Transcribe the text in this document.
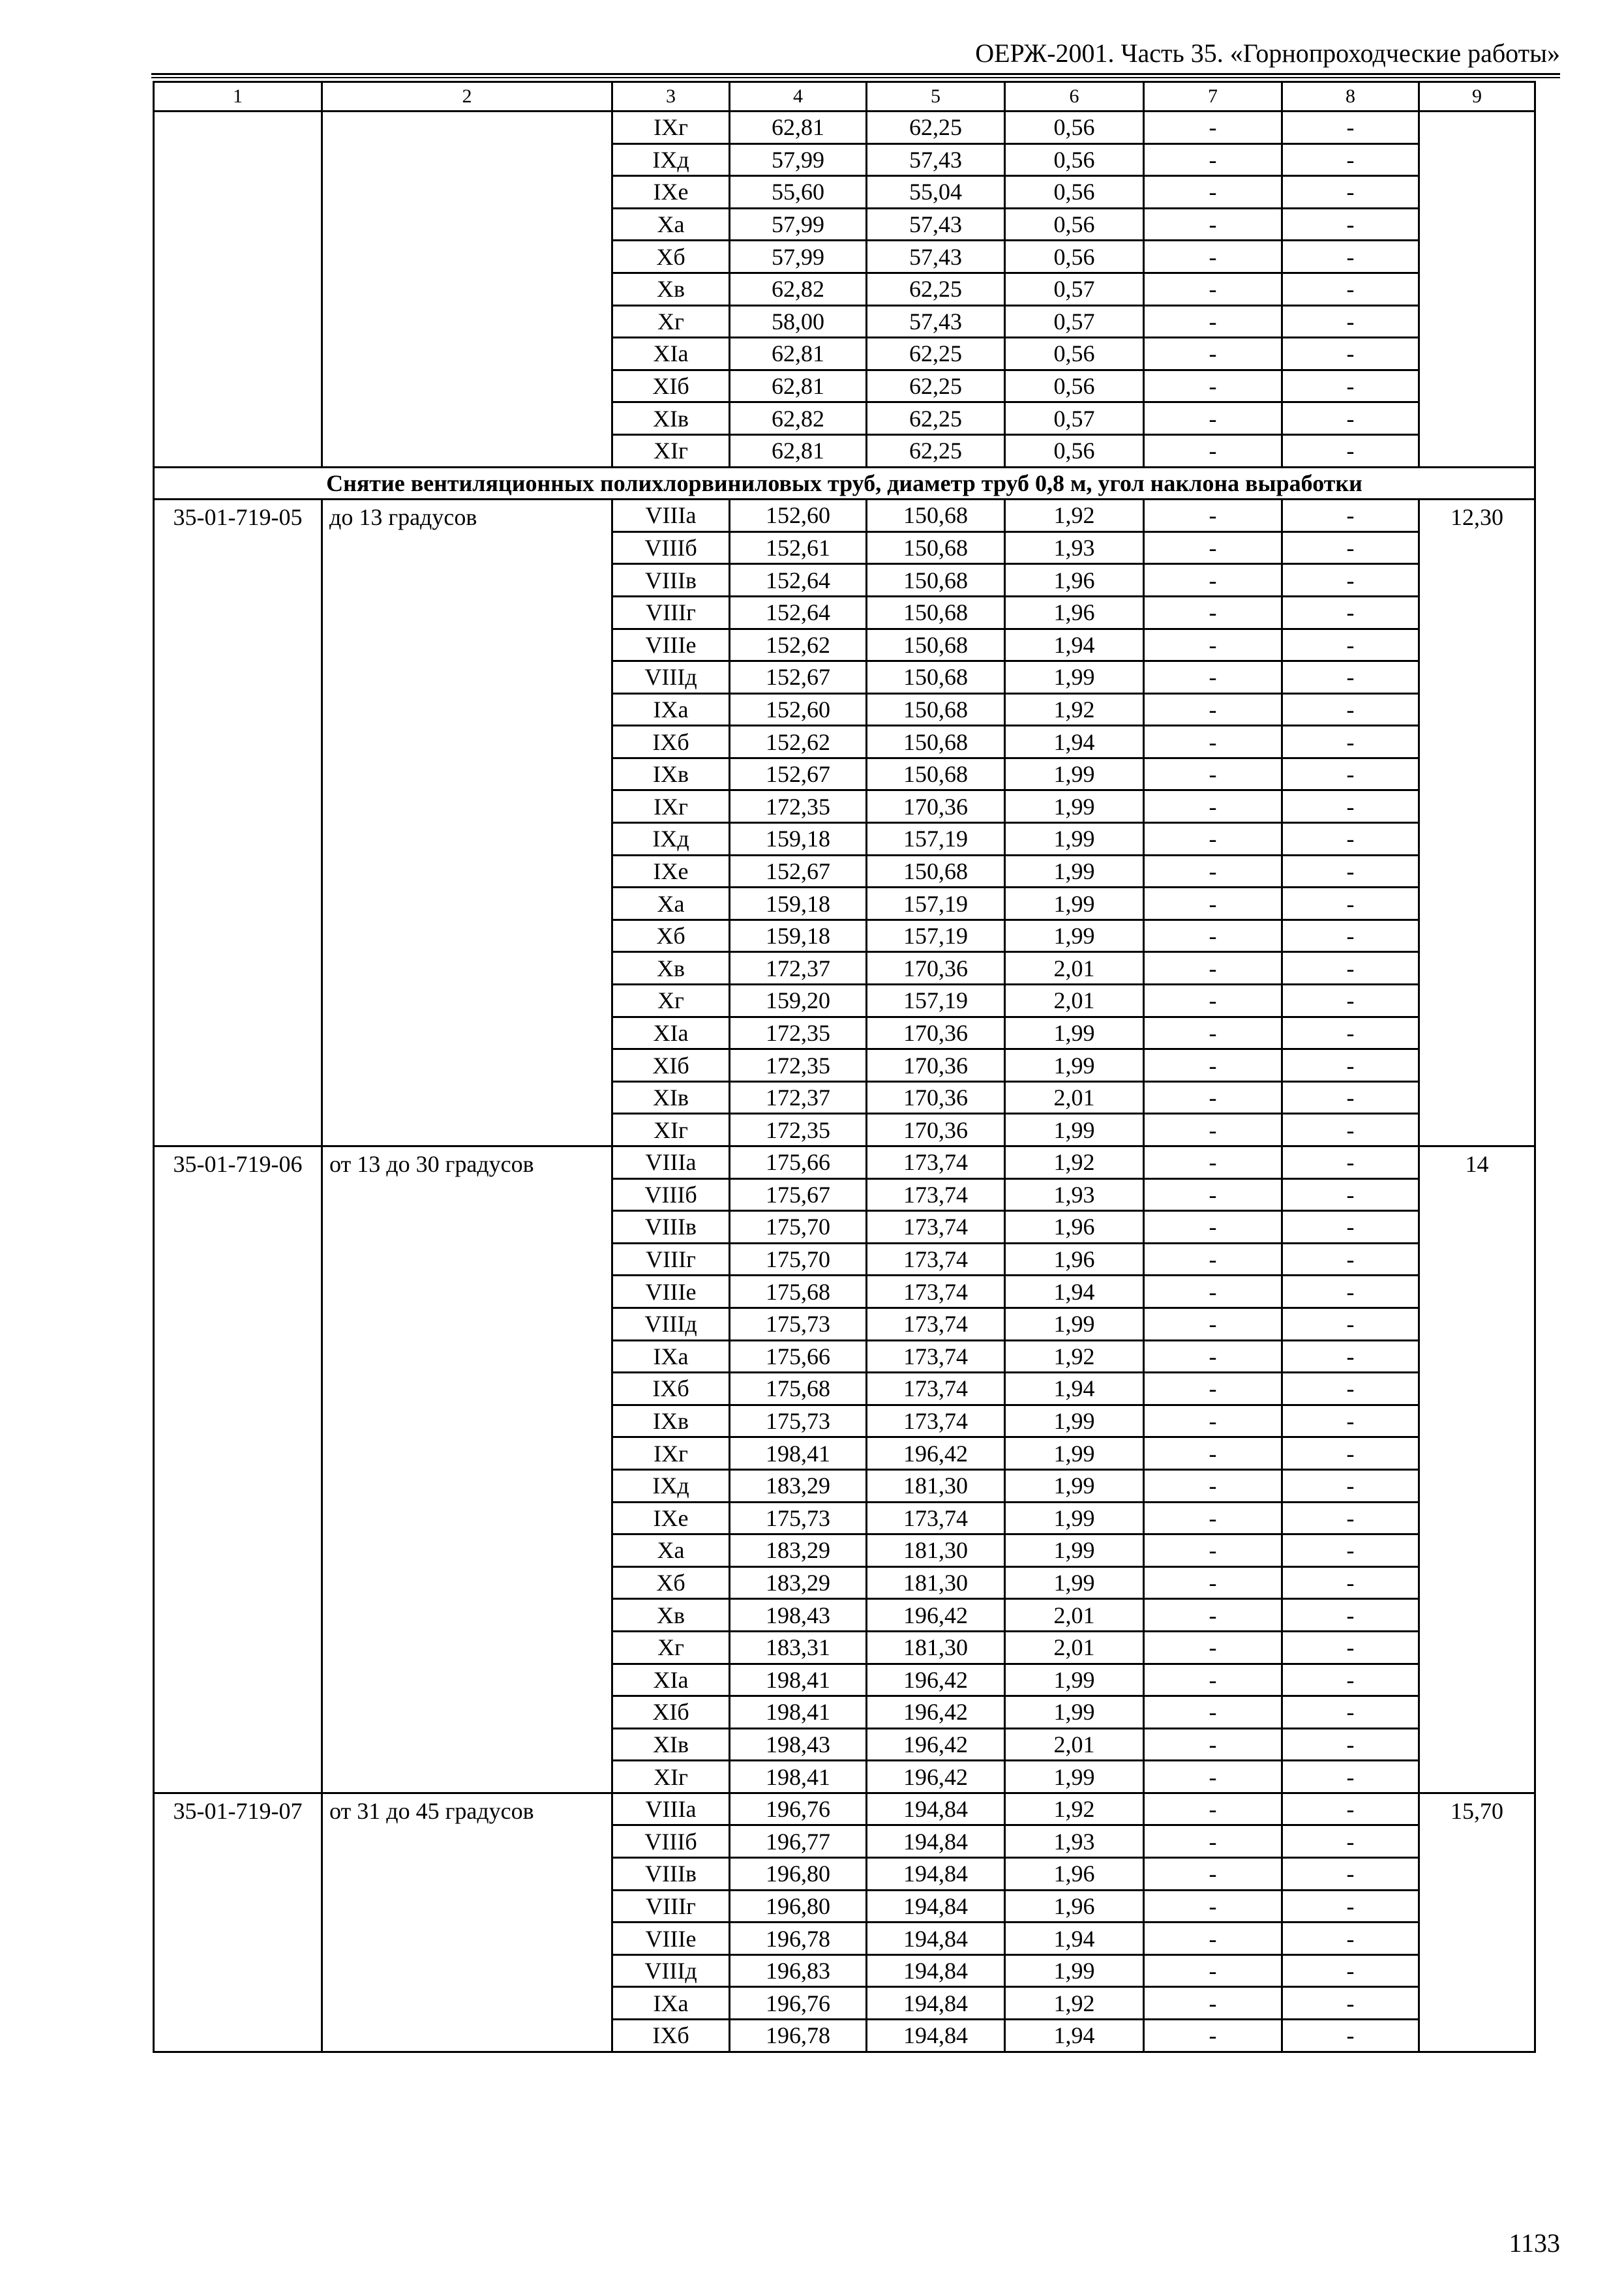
ОЕРЖ-2001. Часть 35. «Горнопроходческие работы»
1	2	3	4	5	6	7	8	9
		IXг	62,81	62,25	0,56	-	-	
		IXд	57,99	57,43	0,56	-	-	
		IXе	55,60	55,04	0,56	-	-	
		Xа	57,99	57,43	0,56	-	-	
		Xб	57,99	57,43	0,56	-	-	
		Xв	62,82	62,25	0,57	-	-	
		Xг	58,00	57,43	0,57	-	-	
		XIа	62,81	62,25	0,56	-	-	
		XIб	62,81	62,25	0,56	-	-	
		XIв	62,82	62,25	0,57	-	-	
		XIг	62,81	62,25	0,56	-	-	
Снятие вентиляционных полихлорвиниловых труб, диаметр труб 0,8 м, угол наклона выработки								
35-01-719-05	до 13 градусов	VIIIа	152,60	150,68	1,92	-	-	12,30
		VIIIб	152,61	150,68	1,93	-	-	
		VIIIв	152,64	150,68	1,96	-	-	
		VIIIг	152,64	150,68	1,96	-	-	
		VIIIе	152,62	150,68	1,94	-	-	
		VIIIд	152,67	150,68	1,99	-	-	
		IXа	152,60	150,68	1,92	-	-	
		IXб	152,62	150,68	1,94	-	-	
		IXв	152,67	150,68	1,99	-	-	
		IXг	172,35	170,36	1,99	-	-	
		IXд	159,18	157,19	1,99	-	-	
		IXе	152,67	150,68	1,99	-	-	
		Xа	159,18	157,19	1,99	-	-	
		Xб	159,18	157,19	1,99	-	-	
		Xв	172,37	170,36	2,01	-	-	
		Xг	159,20	157,19	2,01	-	-	
		XIа	172,35	170,36	1,99	-	-	
		XIб	172,35	170,36	1,99	-	-	
		XIв	172,37	170,36	2,01	-	-	
		XIг	172,35	170,36	1,99	-	-	
35-01-719-06	от 13 до 30 градусов	VIIIа	175,66	173,74	1,92	-	-	14
		VIIIб	175,67	173,74	1,93	-	-	
		VIIIв	175,70	173,74	1,96	-	-	
		VIIIг	175,70	173,74	1,96	-	-	
		VIIIе	175,68	173,74	1,94	-	-	
		VIIIд	175,73	173,74	1,99	-	-	
		IXа	175,66	173,74	1,92	-	-	
		IXб	175,68	173,74	1,94	-	-	
		IXв	175,73	173,74	1,99	-	-	
		IXг	198,41	196,42	1,99	-	-	
		IXд	183,29	181,30	1,99	-	-	
		IXе	175,73	173,74	1,99	-	-	
		Xа	183,29	181,30	1,99	-	-	
		Xб	183,29	181,30	1,99	-	-	
		Xв	198,43	196,42	2,01	-	-	
		Xг	183,31	181,30	2,01	-	-	
		XIа	198,41	196,42	1,99	-	-	
		XIб	198,41	196,42	1,99	-	-	
		XIв	198,43	196,42	2,01	-	-	
		XIг	198,41	196,42	1,99	-	-	
35-01-719-07	от 31 до 45 градусов	VIIIа	196,76	194,84	1,92	-	-	15,70
		VIIIб	196,77	194,84	1,93	-	-	
		VIIIв	196,80	194,84	1,96	-	-	
		VIIIг	196,80	194,84	1,96	-	-	
		VIIIе	196,78	194,84	1,94	-	-	
		VIIIд	196,83	194,84	1,99	-	-	
		IXа	196,76	194,84	1,92	-	-	
		IXб	196,78	194,84	1,94	-	-	
1133
